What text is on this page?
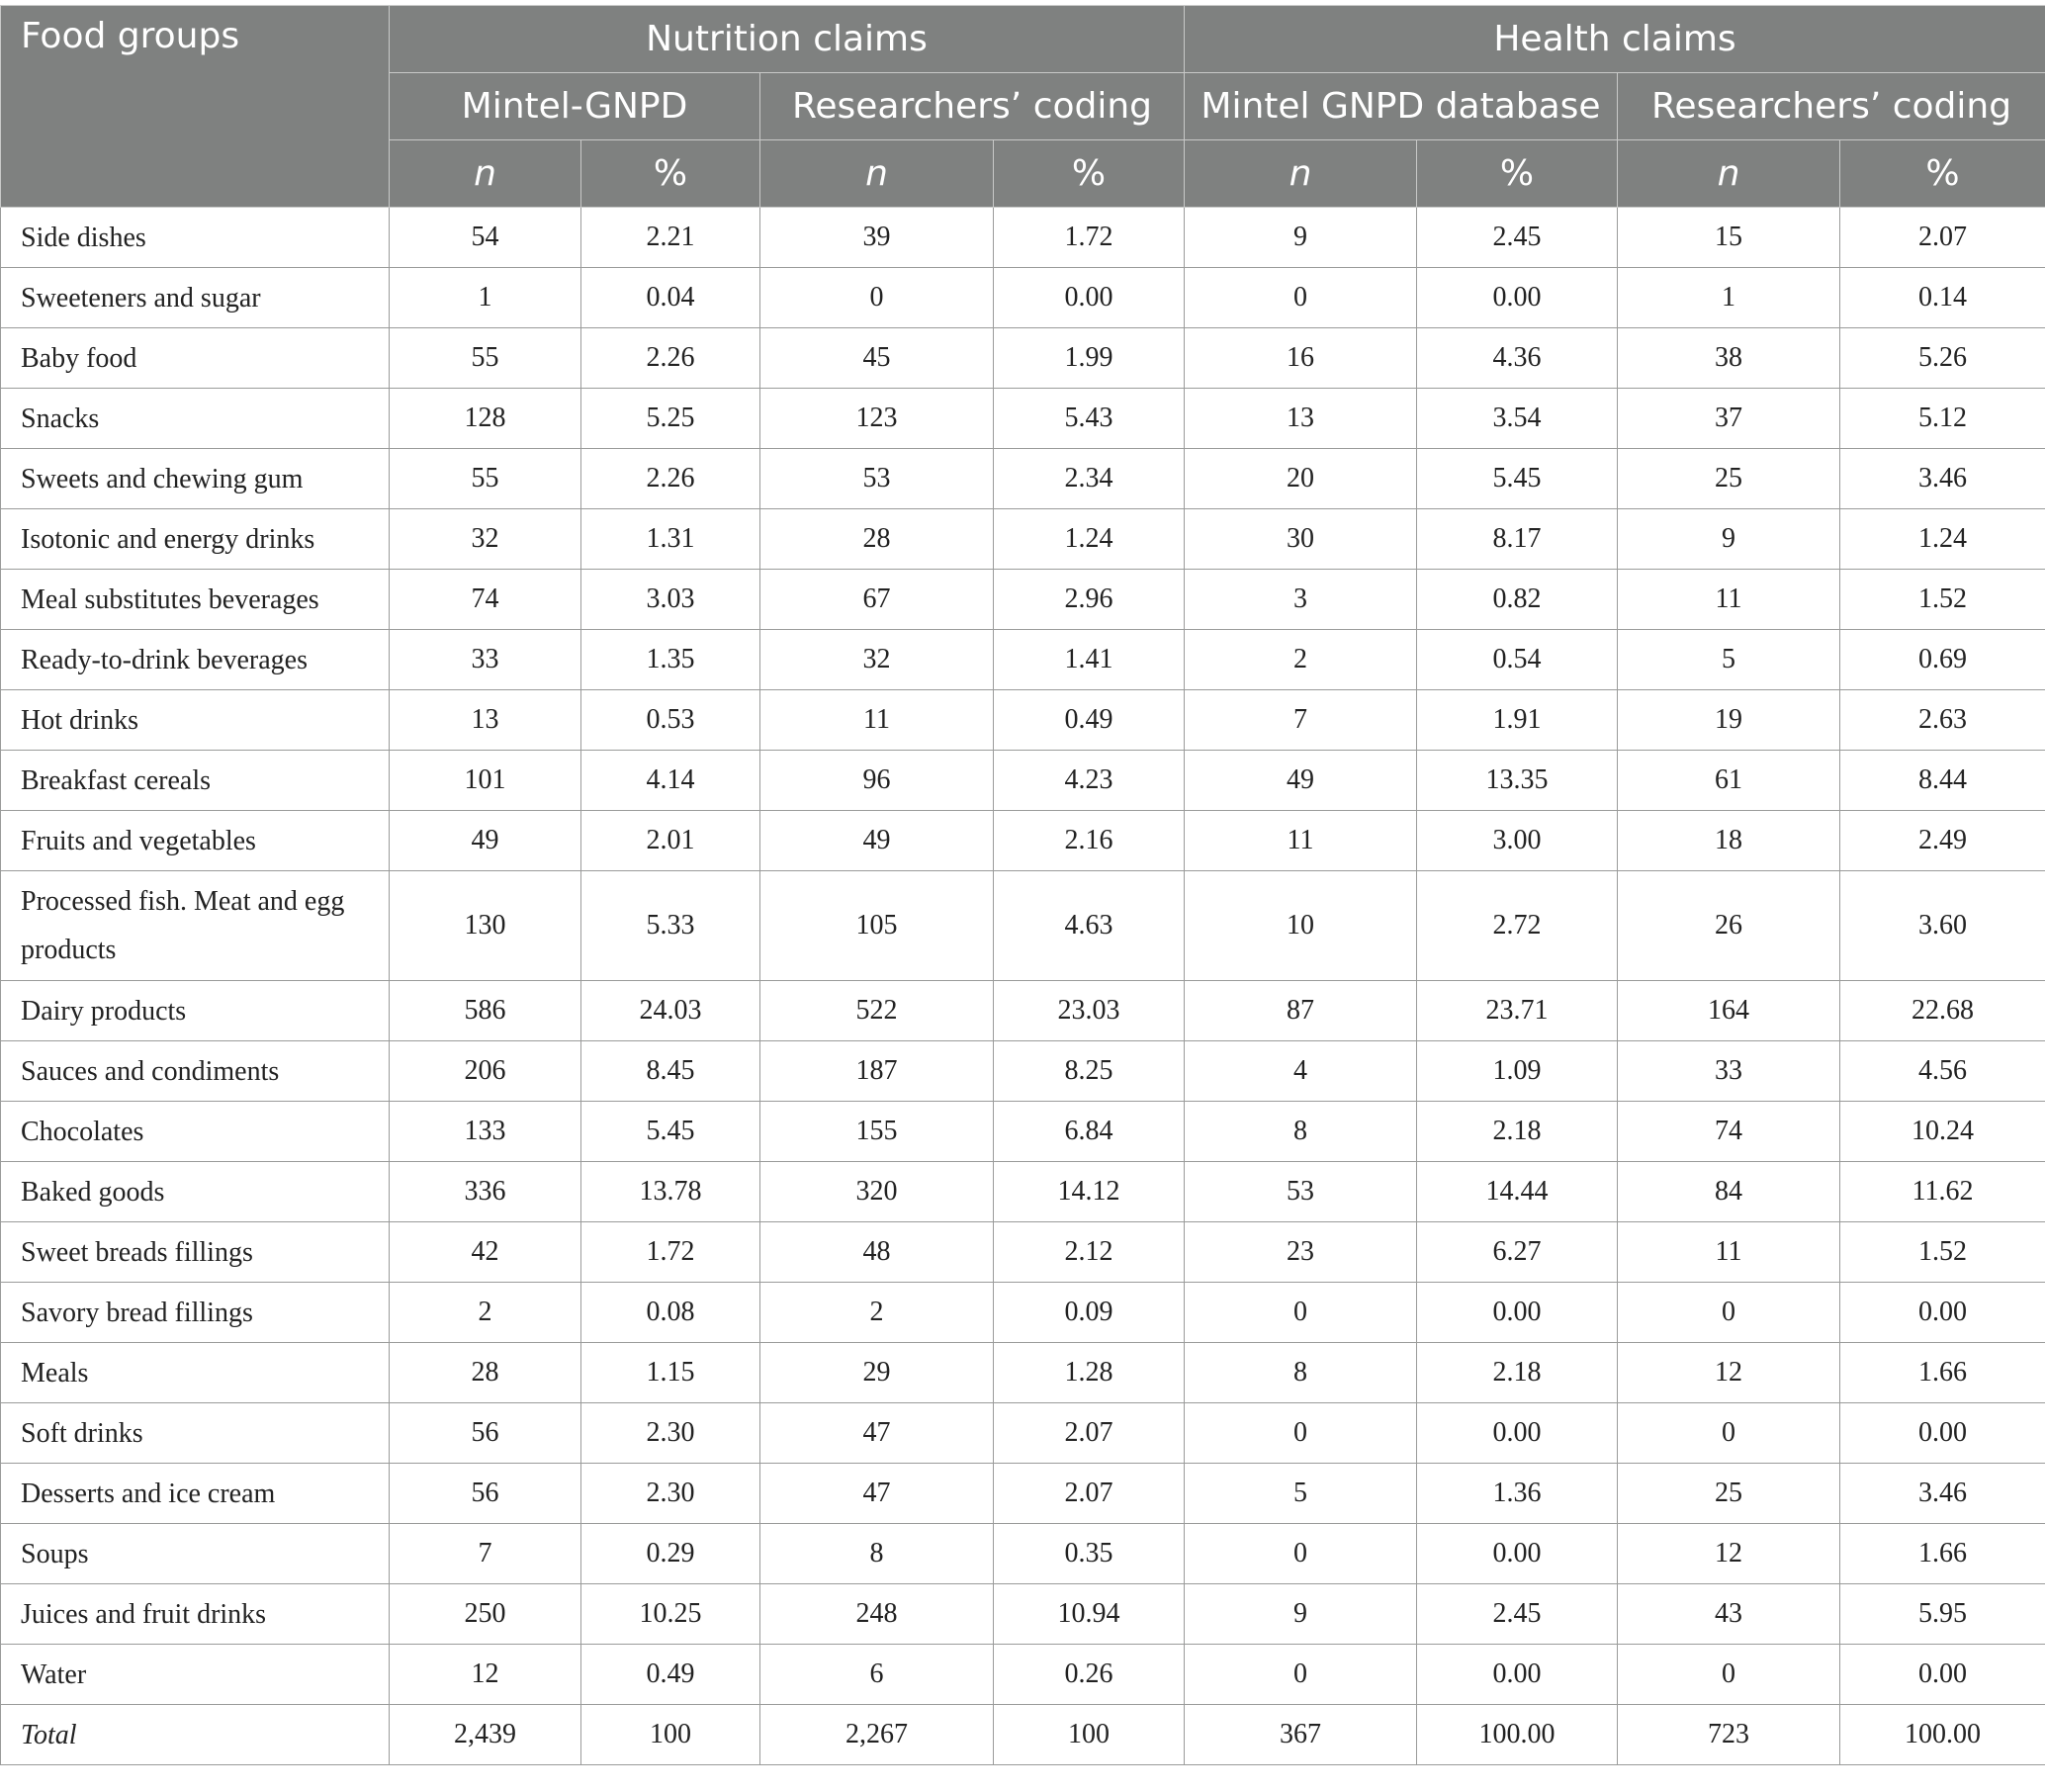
Food groups	Nutrition claims				Health claims			
	Mintel-GNPD		Researchers’ coding		Mintel GNPD database		Researchers’ coding	
	n	%	n	%	n	%	n	%
Side dishes	54	2.21	39	1.72	9	2.45	15	2.07
Sweeteners and sugar	1	0.04	0	0.00	0	0.00	1	0.14
Baby food	55	2.26	45	1.99	16	4.36	38	5.26
Snacks	128	5.25	123	5.43	13	3.54	37	5.12
Sweets and chewing gum	55	2.26	53	2.34	20	5.45	25	3.46
Isotonic and energy drinks	32	1.31	28	1.24	30	8.17	9	1.24
Meal substitutes beverages	74	3.03	67	2.96	3	0.82	11	1.52
Ready-to-drink beverages	33	1.35	32	1.41	2	0.54	5	0.69
Hot drinks	13	0.53	11	0.49	7	1.91	19	2.63
Breakfast cereals	101	4.14	96	4.23	49	13.35	61	8.44
Fruits and vegetables	49	2.01	49	2.16	11	3.00	18	2.49
Processed fish. Meat and egg products	130	5.33	105	4.63	10	2.72	26	3.60
Dairy products	586	24.03	522	23.03	87	23.71	164	22.68
Sauces and condiments	206	8.45	187	8.25	4	1.09	33	4.56
Chocolates	133	5.45	155	6.84	8	2.18	74	10.24
Baked goods	336	13.78	320	14.12	53	14.44	84	11.62
Sweet breads fillings	42	1.72	48	2.12	23	6.27	11	1.52
Savory bread fillings	2	0.08	2	0.09	0	0.00	0	0.00
Meals	28	1.15	29	1.28	8	2.18	12	1.66
Soft drinks	56	2.30	47	2.07	0	0.00	0	0.00
Desserts and ice cream	56	2.30	47	2.07	5	1.36	25	3.46
Soups	7	0.29	8	0.35	0	0.00	12	1.66
Juices and fruit drinks	250	10.25	248	10.94	9	2.45	43	5.95
Water	12	0.49	6	0.26	0	0.00	0	0.00
Total	2,439	100	2,267	100	367	100.00	723	100.00
